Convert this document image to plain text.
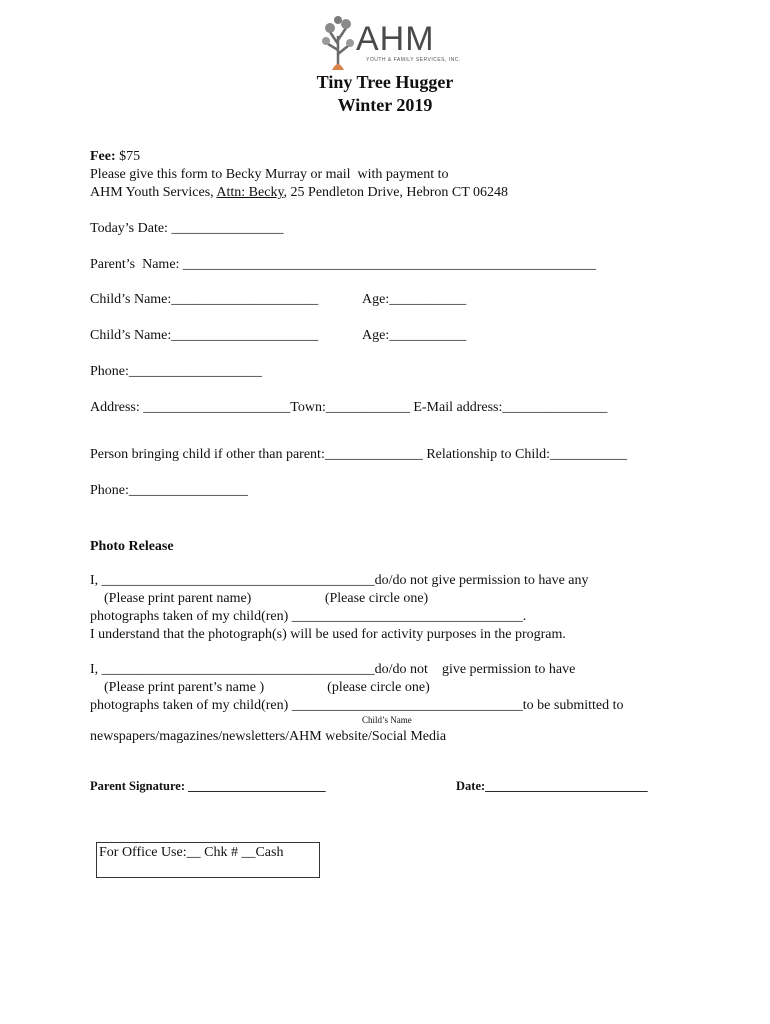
AHM
YOUTH & FAMILY SERVICES, INC.
Tiny Tree Hugger
Winter 2019
Fee: $75
Please give this form to Becky Murray or mail  with payment to
AHM Youth Services, Attn: Becky, 25 Pendleton Drive, Hebron CT 06248
Today’s Date: ________________
Parent’s  Name: ___________________________________________________________
Child’s Name:_____________________	Age:___________
Child’s Name:_____________________	Age:___________
Phone:___________________
Address: _____________________Town:____________ E-Mail address:_______________
Person bringing child if other than parent:______________ Relationship to Child:___________
Phone:_________________
Photo Release
I, _______________________________________do/do not give permission to have any
(Please print parent name)                     (Please circle one)
photographs taken of my child(ren) _________________________________.
I understand that the photograph(s) will be used for activity purposes in the program.
I, _______________________________________do/do not    give permission to have
(Please print parent’s name )                  (please circle one)
photographs taken of my child(ren) _________________________________to be submitted to
Child’s Name
newspapers/magazines/newsletters/AHM website/Social Media
Parent Signature: ______________________	Date:__________________________
For Office Use:__ Chk # __Cash
